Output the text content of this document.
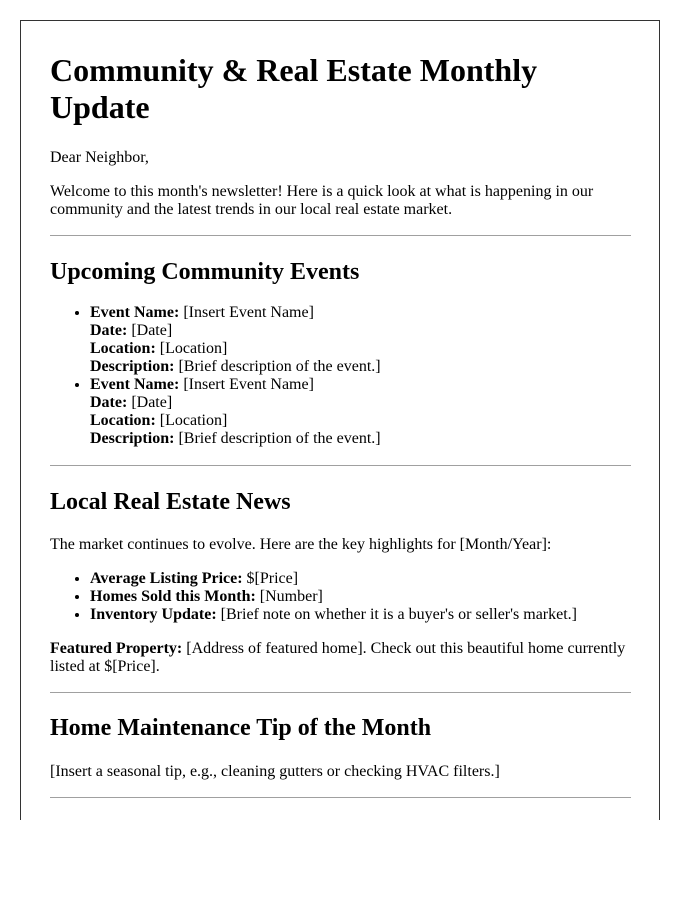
Community & Real Estate Monthly Update

Dear Neighbor,

Welcome to this month's newsletter! Here is a quick look at what is happening in our community and the latest trends in our local real estate market.

Upcoming Community Events
• Event Name: [Insert Event Name]
Date: [Date]
Location: [Location]
Description: [Brief description of the event.]
• Event Name: [Insert Event Name]
Date: [Date]
Location: [Location]
Description: [Brief description of the event.]
Local Real Estate News

The market continues to evolve. Here are the key highlights for [Month/Year]:

• Average Listing Price: $[Price]
• Homes Sold this Month: [Number]
• Inventory Update: [Brief note on whether it is a buyer's or seller's market.]

Featured Property: [Address of featured home]. Check out this beautiful home currently listed at $[Price].

Home Maintenance Tip of the Month

[Insert a seasonal tip, e.g., cleaning gutters or checking HVAC filters.]
